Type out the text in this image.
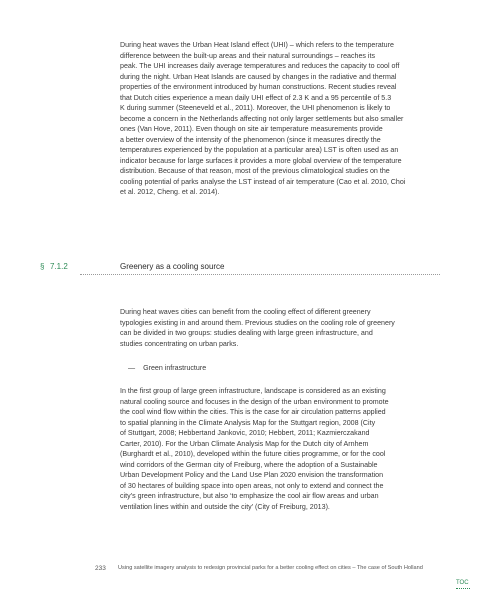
During heat waves the Urban Heat Island effect (UHI) – which refers to the temperature
difference between the built-up areas and their natural surroundings – reaches its
peak. The UHI increases daily average temperatures and reduces the capacity to cool off
during the night. Urban Heat Islands are caused by changes in the radiative and thermal
properties of the environment introduced by human constructions. Recent studies reveal
that Dutch cities experience a mean daily UHI effect of 2.3 K and a 95 percentile of 5.3
K during summer (Steeneveld et al., 2011). Moreover, the UHI phenomenon is likely to
become a concern in the Netherlands affecting not only larger settlements but also smaller
ones (Van Hove, 2011). Even though on site air temperature measurements provide
a better overview of the intensity of the phenomenon (since it measures directly the
temperatures experienced by the population at a particular area) LST is often used as an
indicator because for large surfaces it provides a more global overview of the temperature
distribution. Because of that reason, most of the previous climatological studies on the
cooling potential of parks analyse the LST instead of air temperature (Cao et al. 2010, Choi
et al. 2012, Cheng. et al. 2014).

§ 7.1.2	Greenery as a cooling source

During heat waves cities can benefit from the cooling effect of different greenery
typologies existing in and around them. Previous studies on the cooling role of greenery
can be divided in two groups: studies dealing with large green infrastructure, and
studies concentrating on urban parks.

— Green infrastructure

In the first group of large green infrastructure, landscape is considered as an existing
natural cooling source and focuses in the design of the urban environment to promote
the cool wind flow within the cities. This is the case for air circulation patterns applied
to spatial planning in the Climate Analysis Map for the Stuttgart region, 2008 (City
of Stuttgart, 2008; Hebbertand Jankovic, 2010; Hebbert, 2011; Kazmierczakand
Carter, 2010). For the Urban Climate Analysis Map for the Dutch city of Arnhem
(Burghardt et al., 2010), developed within the future cities programme, or for the cool
wind corridors of the German city of Freiburg, where the adoption of a Sustainable
Urban Development Policy and the Land Use Plan 2020 envision the transformation
of 30 hectares of building space into open areas, not only to extend and connect the
city’s green infrastructure, but also ‘to emphasize the cool air flow areas and urban
ventilation lines within and outside the city’ (City of Freiburg, 2013).

233 Using satellite imagery analysis to redesign provincial parks for a better cooling effect on cities – The case of South Holland
TOC
